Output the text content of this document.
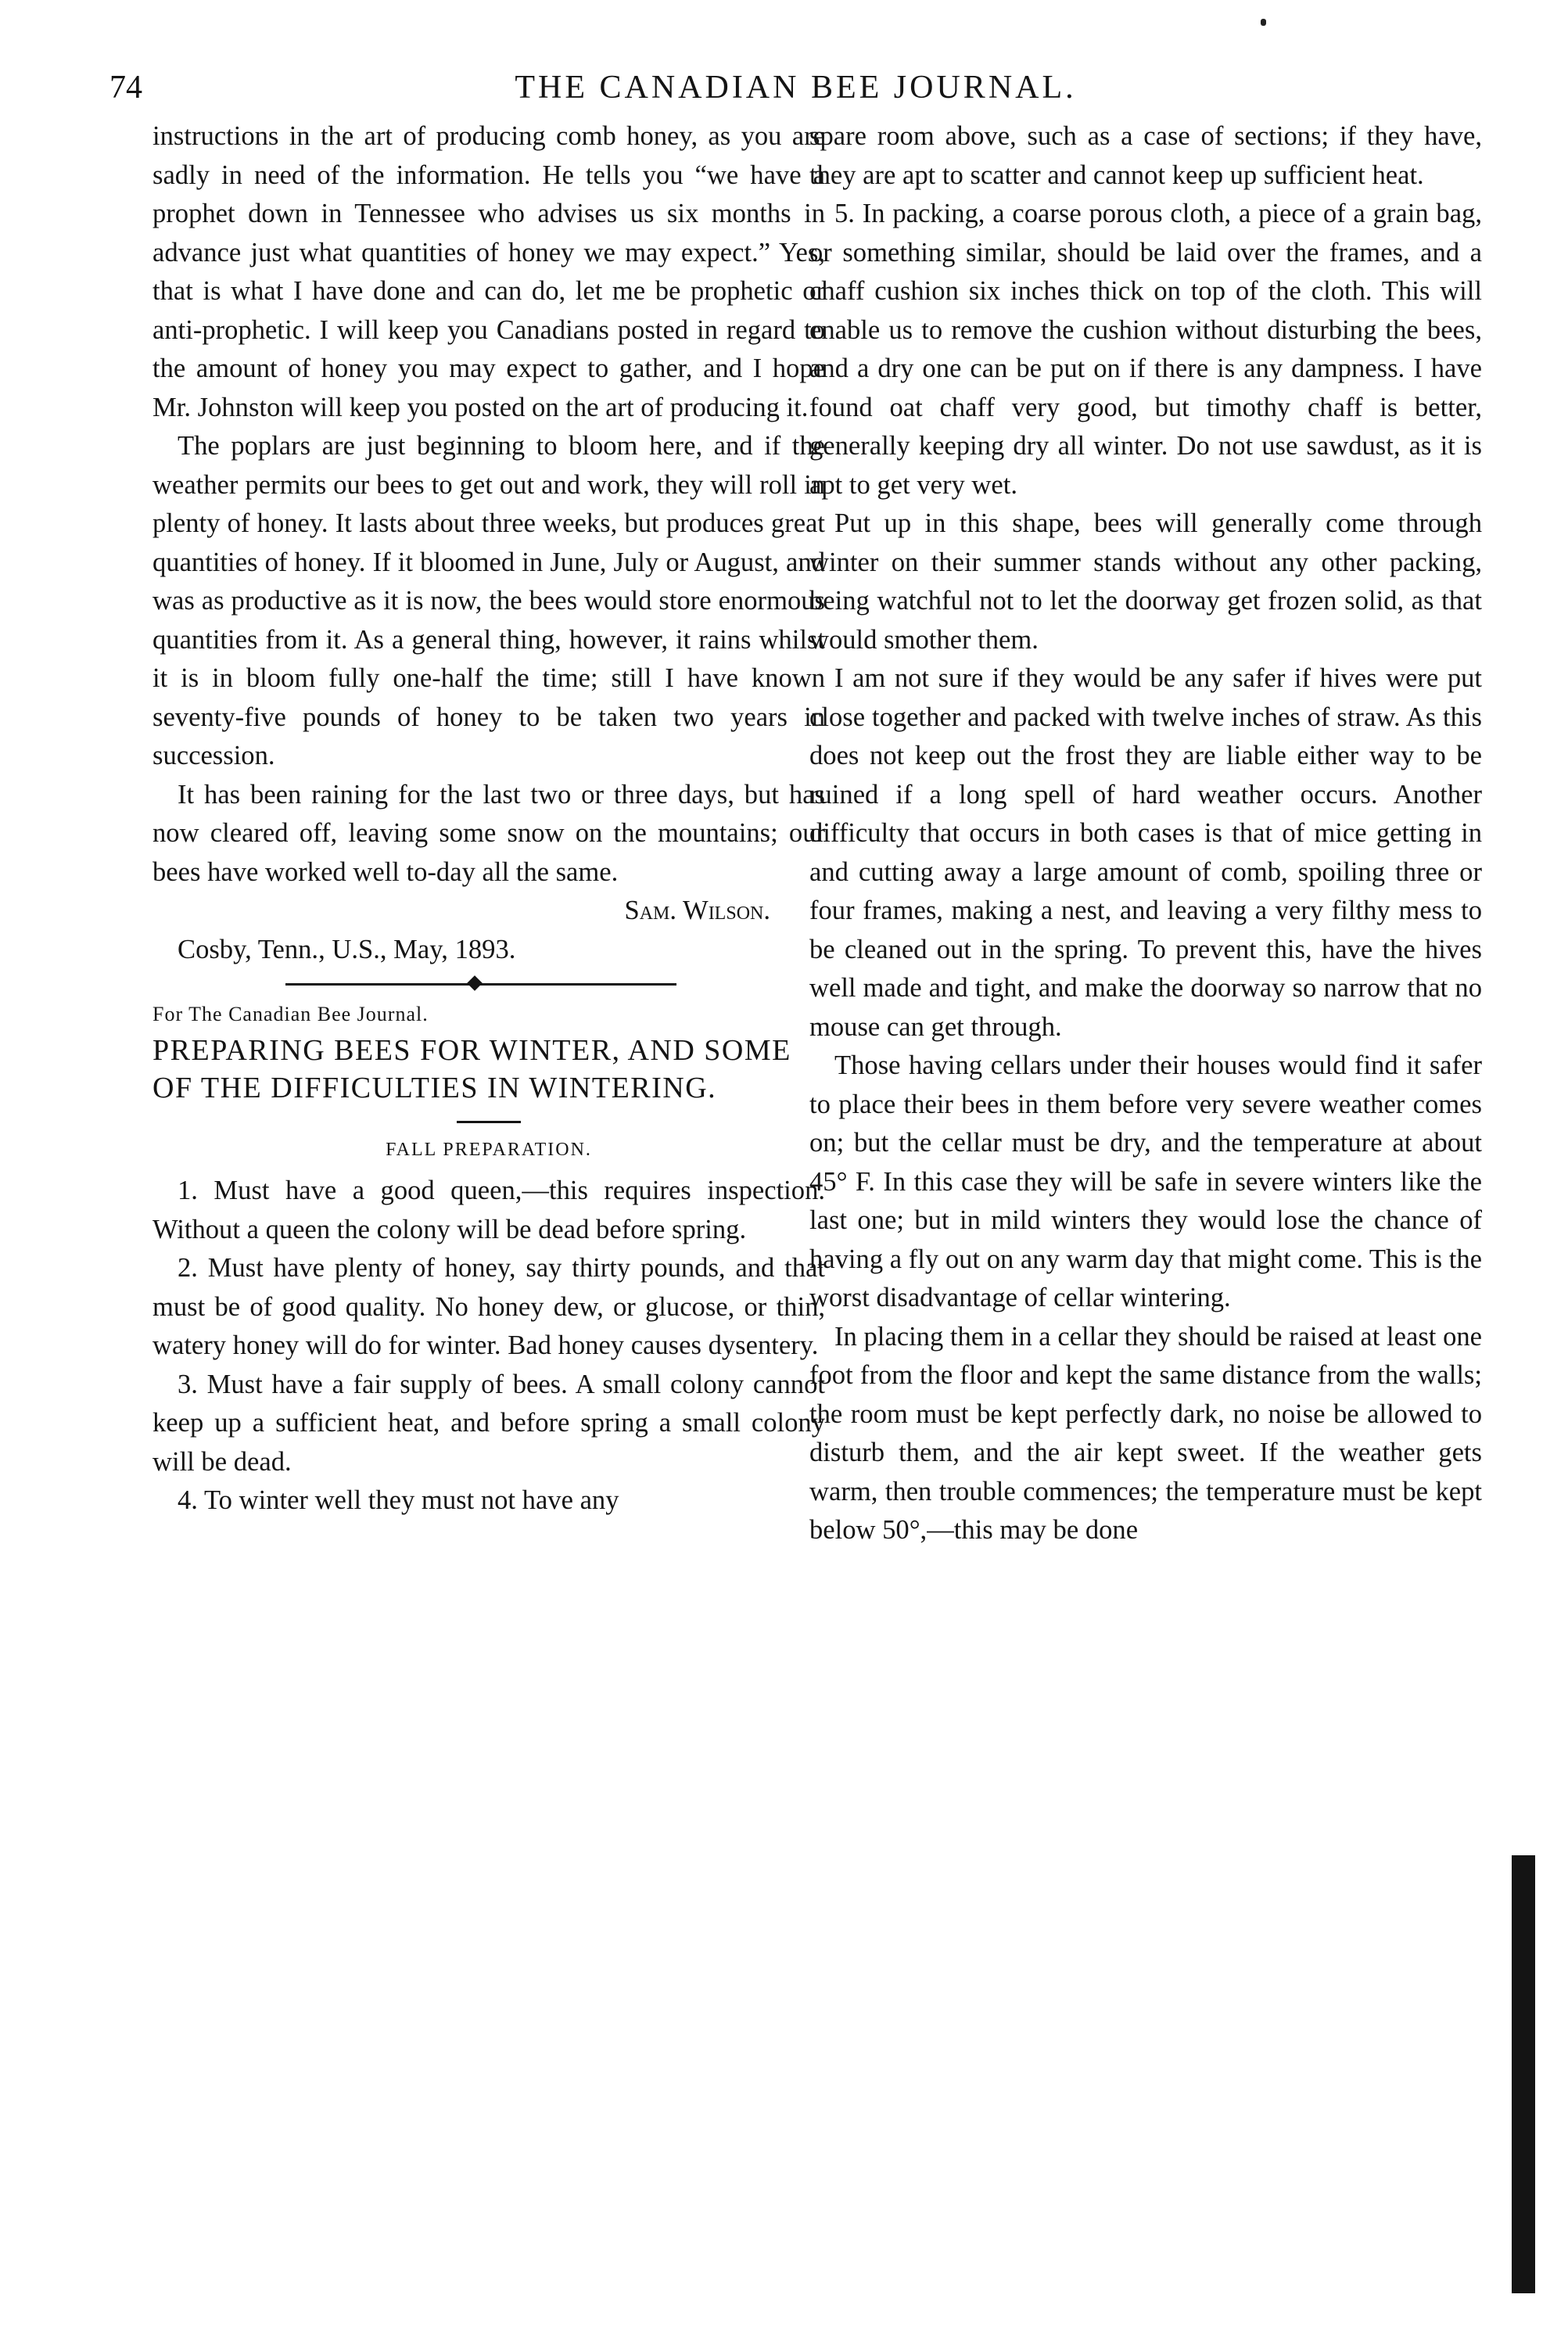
74	THE CANADIAN BEE JOURNAL.

instructions in the art of producing comb honey, as you are sadly in need of the information. He tells you “we have a prophet down in Tennessee who advises us six months in advance just what quantities of honey we may expect.” Yes, that is what I have done and can do, let me be prophetic or anti-prophetic. I will keep you Canadians posted in regard to the amount of honey you may expect to gather, and I hope Mr. Johnston will keep you posted on the art of producing it.

The poplars are just beginning to bloom here, and if the weather permits our bees to get out and work, they will roll in plenty of honey. It lasts about three weeks, but produces great quantities of honey. If it bloomed in June, July or August, and was as productive as it is now, the bees would store enormous quantities from it. As a general thing, however, it rains whilst it is in bloom fully one-half the time; still I have known seventy-five pounds of honey to be taken two years in succession.

It has been raining for the last two or three days, but has now cleared off, leaving some snow on the mountains; our bees have worked well to-day all the same.

Sam. Wilson.
Cosby, Tenn., U.S., May, 1893.
For The Canadian Bee Journal.
PREPARING BEES FOR WINTER, AND SOME OF THE DIFFICULTIES IN WINTERING.
FALL PREPARATION.

1. Must have a good queen,—this requires inspection. Without a queen the colony will be dead before spring.

2. Must have plenty of honey, say thirty pounds, and that must be of good quality. No honey dew, or glucose, or thin, watery honey will do for winter. Bad honey causes dysentery.

3. Must have a fair supply of bees. A small colony cannot keep up a sufficient heat, and before spring a small colony will be dead.

4. To winter well they must not have any

spare room above, such as a case of sections; if they have, they are apt to scatter and cannot keep up sufficient heat.

5. In packing, a coarse porous cloth, a piece of a grain bag, or something similar, should be laid over the frames, and a chaff cushion six inches thick on top of the cloth. This will enable us to remove the cushion without disturbing the bees, and a dry one can be put on if there is any dampness. I have found oat chaff very good, but timothy chaff is better, generally keeping dry all winter. Do not use sawdust, as it is apt to get very wet.

Put up in this shape, bees will generally come through winter on their summer stands without any other packing, being watchful not to let the doorway get frozen solid, as that would smother them.

I am not sure if they would be any safer if hives were put close together and packed with twelve inches of straw. As this does not keep out the frost they are liable either way to be ruined if a long spell of hard weather occurs. Another difficulty that occurs in both cases is that of mice getting in and cutting away a large amount of comb, spoiling three or four frames, making a nest, and leaving a very filthy mess to be cleaned out in the spring. To prevent this, have the hives well made and tight, and make the doorway so narrow that no mouse can get through.

Those having cellars under their houses would find it safer to place their bees in them before very severe weather comes on; but the cellar must be dry, and the temperature at about 45° F. In this case they will be safe in severe winters like the last one; but in mild winters they would lose the chance of having a fly out on any warm day that might come. This is the worst disadvantage of cellar wintering.

In placing them in a cellar they should be raised at least one foot from the floor and kept the same distance from the walls; the room must be kept perfectly dark, no noise be allowed to disturb them, and the air kept sweet. If the weather gets warm, then trouble commences; the temperature must be kept below 50°,—this may be done
